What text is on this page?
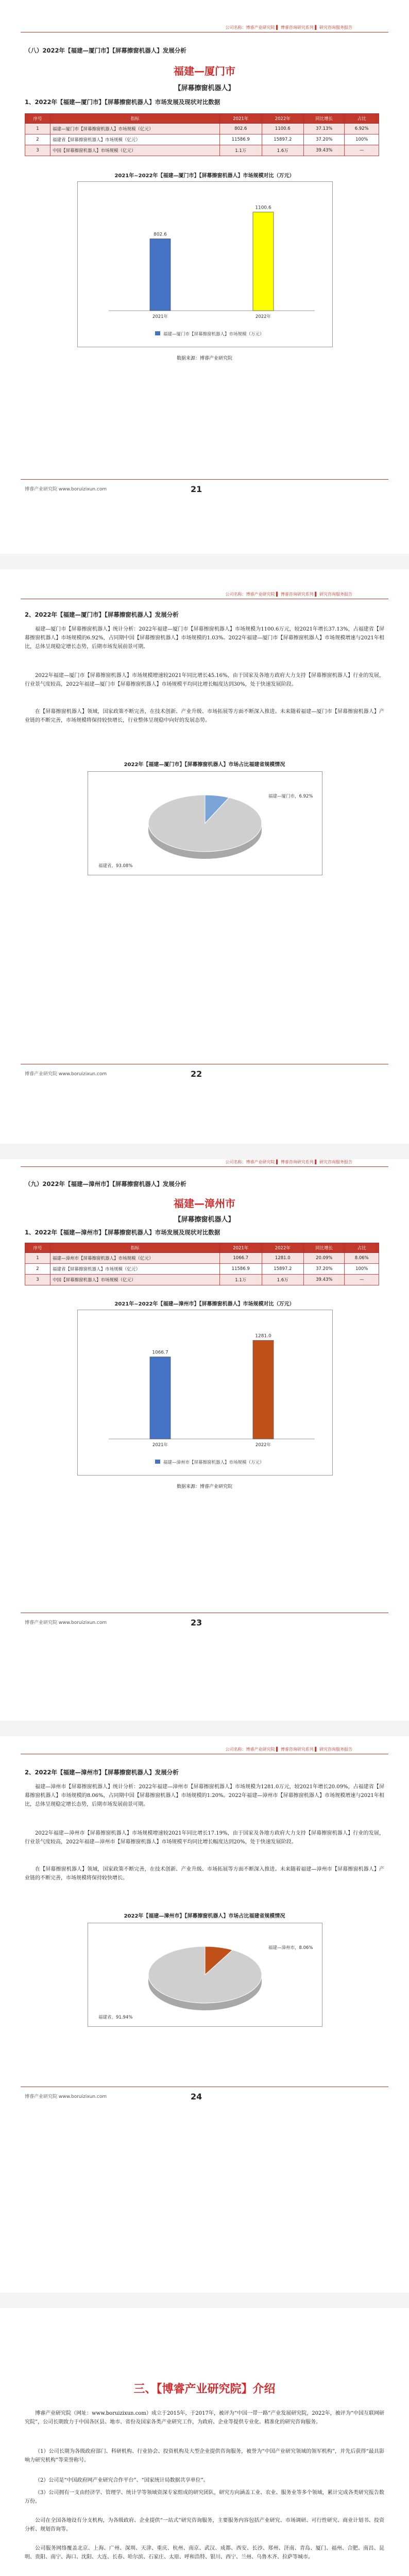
公司名称：博睿产业研究院 ▌ 博睿咨询研究系列 ▌ 研究咨询服务报告
（八）2022年【福建—厦门市】【屏幕擦窗机器人】发展分析
福建—厦门市
【屏幕擦窗机器人】
1、2022年【福建—厦门市】【屏幕擦窗机器人】市场发展及现状对比数据
序号	指标	2021年	2022年	同比增长	占比
1	福建—厦门市【屏幕擦窗机器人】市场规模（亿元）	802.6	1100.6	37.13%	6.92%
2	福建省【屏幕擦窗机器人】市场规模（亿元）	11586.9	15897.2	37.20%	100%
3	中国【屏幕擦窗机器人】市场规模（亿元）	1.1万	1.6万	39.43%	—
2021年~2022年【福建—厦门市】【屏幕擦窗机器人】市场规模对比（万元）
802.6
2021年
1100.6
2022年
福建—厦门市【屏幕擦窗机器人】市场规模（万元）
数据来源：博睿产业研究院
博睿产业研究院 www.boruizixun.com	21
公司名称：博睿产业研究院 ▌ 博睿咨询研究系列 ▌ 研究咨询服务报告
2、2022年【福建—厦门市】【屏幕擦窗机器人】发展分析
福建—厦门市【屏幕擦窗机器人】统计分析：2022年福建—厦门市【屏幕擦窗机器人】市场规模为1100.6万元，较2021年增长37.13%，占福建省【屏幕擦窗机器人】市场规模的6.92%，占同期中国【屏幕擦窗机器人】市场规模的1.03%。2022年福建—厦门市【屏幕擦窗机器人】市场规模增速与2021年相比，总体呈现稳定增长态势，后期市场发展前景可期。
2022年福建—厦门市【屏幕擦窗机器人】市场规模增速较2021年同比增长45.16%，由于国家及各地方政府大力支持【屏幕擦窗机器人】行业的发展，行业景气度较高，2022年福建—厦门市【屏幕擦窗机器人】市场规模平均同比增长幅度达到30%，处于快速发展阶段。
在【屏幕擦窗机器人】领域，国家政策不断完善，在技术创新、产业升级、市场拓展等方面不断深入推进。未来随着福建—厦门市【屏幕擦窗机器人】产业链的不断完善，市场规模将保持较快增长，行业整体呈现稳中向好的发展态势。
2022年【福建—厦门市】【屏幕擦窗机器人】市场占比福建省规模情况
福建—厦门市，6.92%
福建省，93.08%
博睿产业研究院 www.boruizixun.com	22
公司名称：博睿产业研究院 ▌ 博睿咨询研究系列 ▌ 研究咨询服务报告
（九）2022年【福建—漳州市】【屏幕擦窗机器人】发展分析
福建—漳州市
【屏幕擦窗机器人】
1、2022年【福建—漳州市】【屏幕擦窗机器人】市场发展及现状对比数据
序号	指标	2021年	2022年	同比增长	占比
1	福建—漳州市【屏幕擦窗机器人】市场规模（亿元）	1066.7	1281.0	20.09%	8.06%
2	福建省【屏幕擦窗机器人】市场规模（亿元）	11586.9	15897.2	37.20%	100%
3	中国【屏幕擦窗机器人】市场规模（亿元）	1.1万	1.6万	39.43%	—
2021年~2022年【福建—漳州市】【屏幕擦窗机器人】市场规模对比（万元）
1066.7
2021年
1281.0
2022年
福建—漳州市【屏幕擦窗机器人】市场规模（万元）
数据来源：博睿产业研究院
博睿产业研究院 www.boruizixun.com	23
公司名称：博睿产业研究院 ▌ 博睿咨询研究系列 ▌ 研究咨询服务报告
2、2022年【福建—漳州市】【屏幕擦窗机器人】发展分析
福建—漳州市【屏幕擦窗机器人】统计分析：2022年福建—漳州市【屏幕擦窗机器人】市场规模为1281.0万元，较2021年增长20.09%，占福建省【屏幕擦窗机器人】市场规模的8.06%，占同期中国【屏幕擦窗机器人】市场规模的1.20%。2022年福建—漳州市【屏幕擦窗机器人】市场规模增速与2021年相比，总体呈现稳定增长态势，后期市场发展前景可期。
2022年福建—漳州市【屏幕擦窗机器人】市场规模增速较2021年同比增长17.19%，由于国家及各地方政府大力支持【屏幕擦窗机器人】行业的发展，行业景气度较高，2022年福建—漳州市【屏幕擦窗机器人】市场规模平均同比增长幅度达到20%，处于快速发展阶段。
在【屏幕擦窗机器人】领域，国家政策不断完善，在技术创新、产业升级、市场拓展等方面不断深入推进。未来随着福建—漳州市【屏幕擦窗机器人】产业链的不断完善，市场规模将保持较快增长。
2022年【福建—漳州市】【屏幕擦窗机器人】市场占比福建省规模情况
福建—漳州市，8.06%
福建省，91.94%
博睿产业研究院 www.boruizixun.com	24
三、【博睿产业研究院】介绍
博睿产业研究院（网址：www.boruizixun.com）成立于2015年，于2017年，被评为“中国一带一路”产业发展研究院，2022年，被评为“中国互联网研究院”，公司长期致力于中国各区县、地市、省份及国家各类产业研究工作，为政府、企业等提供专业化、精准化的研究咨询服务。
（1）公司长期为各级政府部门、科研机构、行业协会、投资机构及大型企业提供咨询服务，被誉为“中国产业研究领域的领军机构”，并先后获得“最具影响力研究机构”等荣誉称号。
（2）公司是“中国政府网产业研究合作平台”、“国家统计局数据共享单位”。
（3）公司拥有一支由经济学、管理学、统计学等领域资深专家组成的研究团队，研究方向涵盖工业、农业、服务业等多个领域，累计完成各类研究报告数万份。
公司在全国各地设有分支机构，为各级政府、企业提供“一站式”研究咨询服务，主要服务内容包括产业研究、市场调研、可行性研究、商业计划书、投资分析、规划咨询等。
公司服务网络覆盖北京、上海、广州、深圳、天津、重庆、杭州、南京、武汉、成都、西安、长沙、郑州、济南、青岛、厦门、福州、合肥、南昌、昆明、贵阳、南宁、海口、沈阳、大连、长春、哈尔滨、石家庄、太原、呼和浩特、银川、西宁、兰州、乌鲁木齐、拉萨等城市。
